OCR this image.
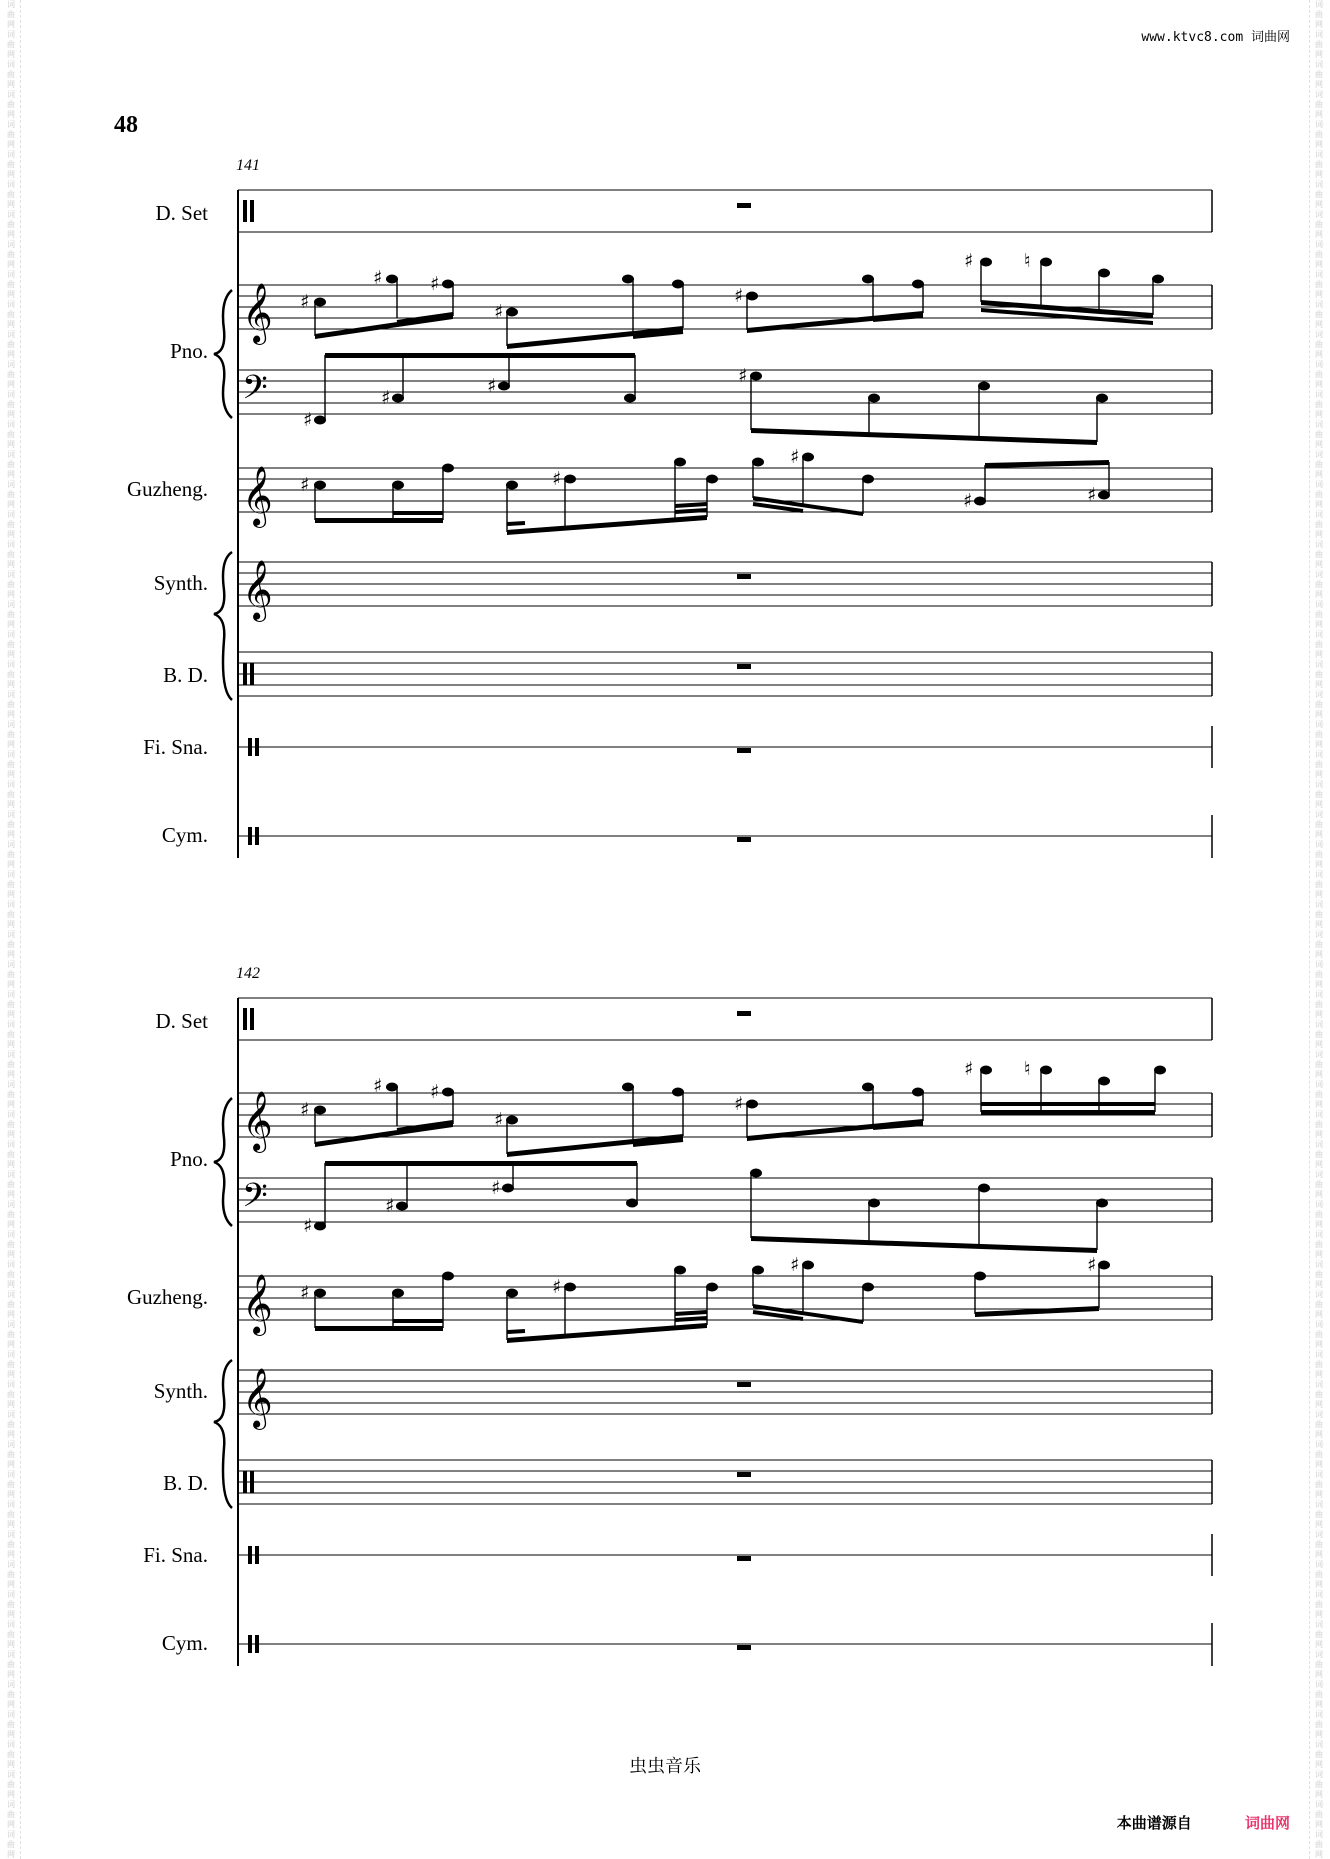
词
曲
网
词
曲
网
词
曲
网
词
曲
网
词
曲
网
词
曲
网
词
曲
网
词
曲
网
词
曲
网
词
曲
网
词
曲
网
词
曲
网
词
曲
网
词
曲
网
词
曲
网
词
曲
网
词
曲
网
词
曲
网
词
曲
网
词
曲
网
词
曲
网
词
曲
网
词
曲
网
词
曲
网
词
曲
网
词
曲
网
词
曲
网
词
曲
网
词
曲
网
词
曲
网
词
曲
网
词
曲
网
词
曲
网
词
曲
网
词
曲
网
词
曲
网
词
曲
网
词
曲
网
词
曲
网
词
曲
网
词
曲
网
词
曲
网
词
曲
网
词
曲
网
词
曲
网
词
曲
网
词
曲
网
词
曲
网
词
曲
网
词
曲
网
词
曲
网
词
曲
网
词
曲
网
词
曲
网
词
曲
网
词
曲
网
词
曲
网
词
曲
网
词
曲
网
词
曲
网
词
曲
网
词
曲
网
词
曲
网
词
曲
网
词
曲
网
词
曲
网
词
曲
网
词
曲
网
词
曲
网
词
曲
网
词
曲
网
词
曲
网
词
曲
网
词
曲
网
词
曲
网
词
曲
网
词
曲
网
词
曲
网
词
曲
网
词
曲
网
词
曲
网
词
曲
网
词
曲
网
词
曲
网
词
曲
网
词
曲
网
词
曲
网
词
曲
网
词
曲
网
词
曲
网
词
曲
网
词
曲
网
词
曲
网
词
曲
网
词
曲
网
词
曲
网
词
曲
网
词
曲
网
词
曲
网
词
曲
网
词
曲
网
词
曲
网
词
曲
网
词
曲
网
词
曲
网
词
曲
网
词
曲
网
词
曲
网
词
曲
网
词
曲
网
词
曲
网
词
曲
网
词
曲
网
词
曲
网
词
曲
网
词
曲
网
词
曲
网
词
曲
网
词
曲
网
词
曲
网
词
曲
网
词
曲
网
词
曲
网
词
曲
网
www.ktvc8.com 词曲网
48
141
D. Set
Pno.
𝄞 ♯
♯	♯
♯
♯
♯	♮
𝄢
♯
♯
♯	♯
Guzheng. 𝄞 ♯	♯
♯
♯	♯
Synth. 𝄞
B. D.
Fi. Sna.
Cym.
142
D. Set
Pno.
𝄞 ♯
♯	♯
♯
♯
♯	♮
𝄢
♯
♯
♯
Guzheng. 𝄞 ♯	♯
♯	♯
Synth. 𝄞
B. D.
Fi. Sna.
Cym.
虫虫音乐
本曲谱源自	词曲网
